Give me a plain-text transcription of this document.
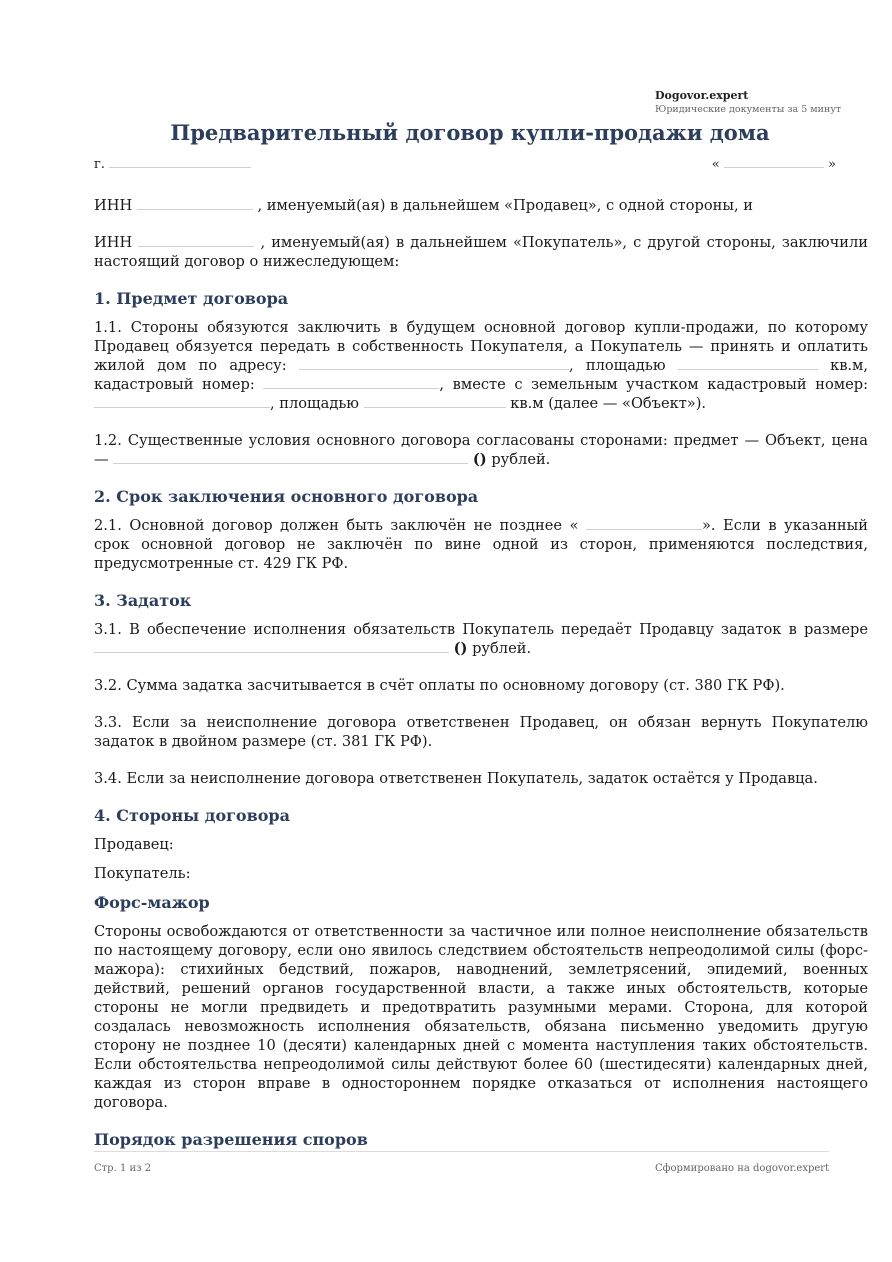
Dogovor.expert
Юридические документы за 5 минут
Предварительный договор купли-продажи дома
г.	«	»

ИНН	, именуемый(ая) в дальнейшем «Продавец», с одной стороны, и

ИНН	, именуемый(ая) в дальнейшем «Покупатель», с другой стороны, заключили настоящий договор о нижеследующем:

1. Предмет договора

1.1. Стороны обязуются заключить в будущем основной договор купли-продажи, по которому Продавец обязуется передать в собственность Покупателя, а Покупатель — принять и оплатить жилой дом по адресу:	, площадью	кв.м, кадастровый номер:	, вместе с земельным участком кадастровый номер: , площадью	кв.м (далее — «Объект»).

1.2. Существенные условия основного договора согласованы сторонами: предмет — Объект, цена —	() рублей.

2. Срок заключения основного договора

2.1. Основной договор должен быть заключён не позднее «	». Если в указанный срок основной договор не заключён по вине одной из сторон, применяются последствия, предусмотренные ст. 429 ГК РФ.

3. Задаток

3.1. В обеспечение исполнения обязательств Покупатель передаёт Продавцу задаток в размере  () рублей.

3.2. Сумма задатка засчитывается в счёт оплаты по основному договору (ст. 380 ГК РФ).

3.3. Если за неисполнение договора ответственен Продавец, он обязан вернуть Покупателю задаток в двойном размере (ст. 381 ГК РФ).

3.4. Если за неисполнение договора ответственен Покупатель, задаток остаётся у Продавца.

4. Стороны договора

Продавец:

Покупатель:

Форс-мажор

Стороны освобождаются от ответственности за частичное или полное неисполнение обязательств по настоящему договору, если оно явилось следствием обстоятельств непреодолимой силы (форс-мажора): стихийных бедствий, пожаров, наводнений, землетрясений, эпидемий, военных действий, решений органов государственной власти, а также иных обстоятельств, которые стороны не могли предвидеть и предотвратить разумными мерами. Сторона, для которой создалась невозможность исполнения обязательств, обязана письменно уведомить другую сторону не позднее 10 (десяти) календарных дней с момента наступления таких обстоятельств. Если обстоятельства непреодолимой силы действуют более 60 (шестидесяти) календарных дней, каждая из сторон вправе в одностороннем порядке отказаться от исполнения настоящего договора.

Порядок разрешения споров
Стр. 1 из 2	Сформировано на dogovor.expert
